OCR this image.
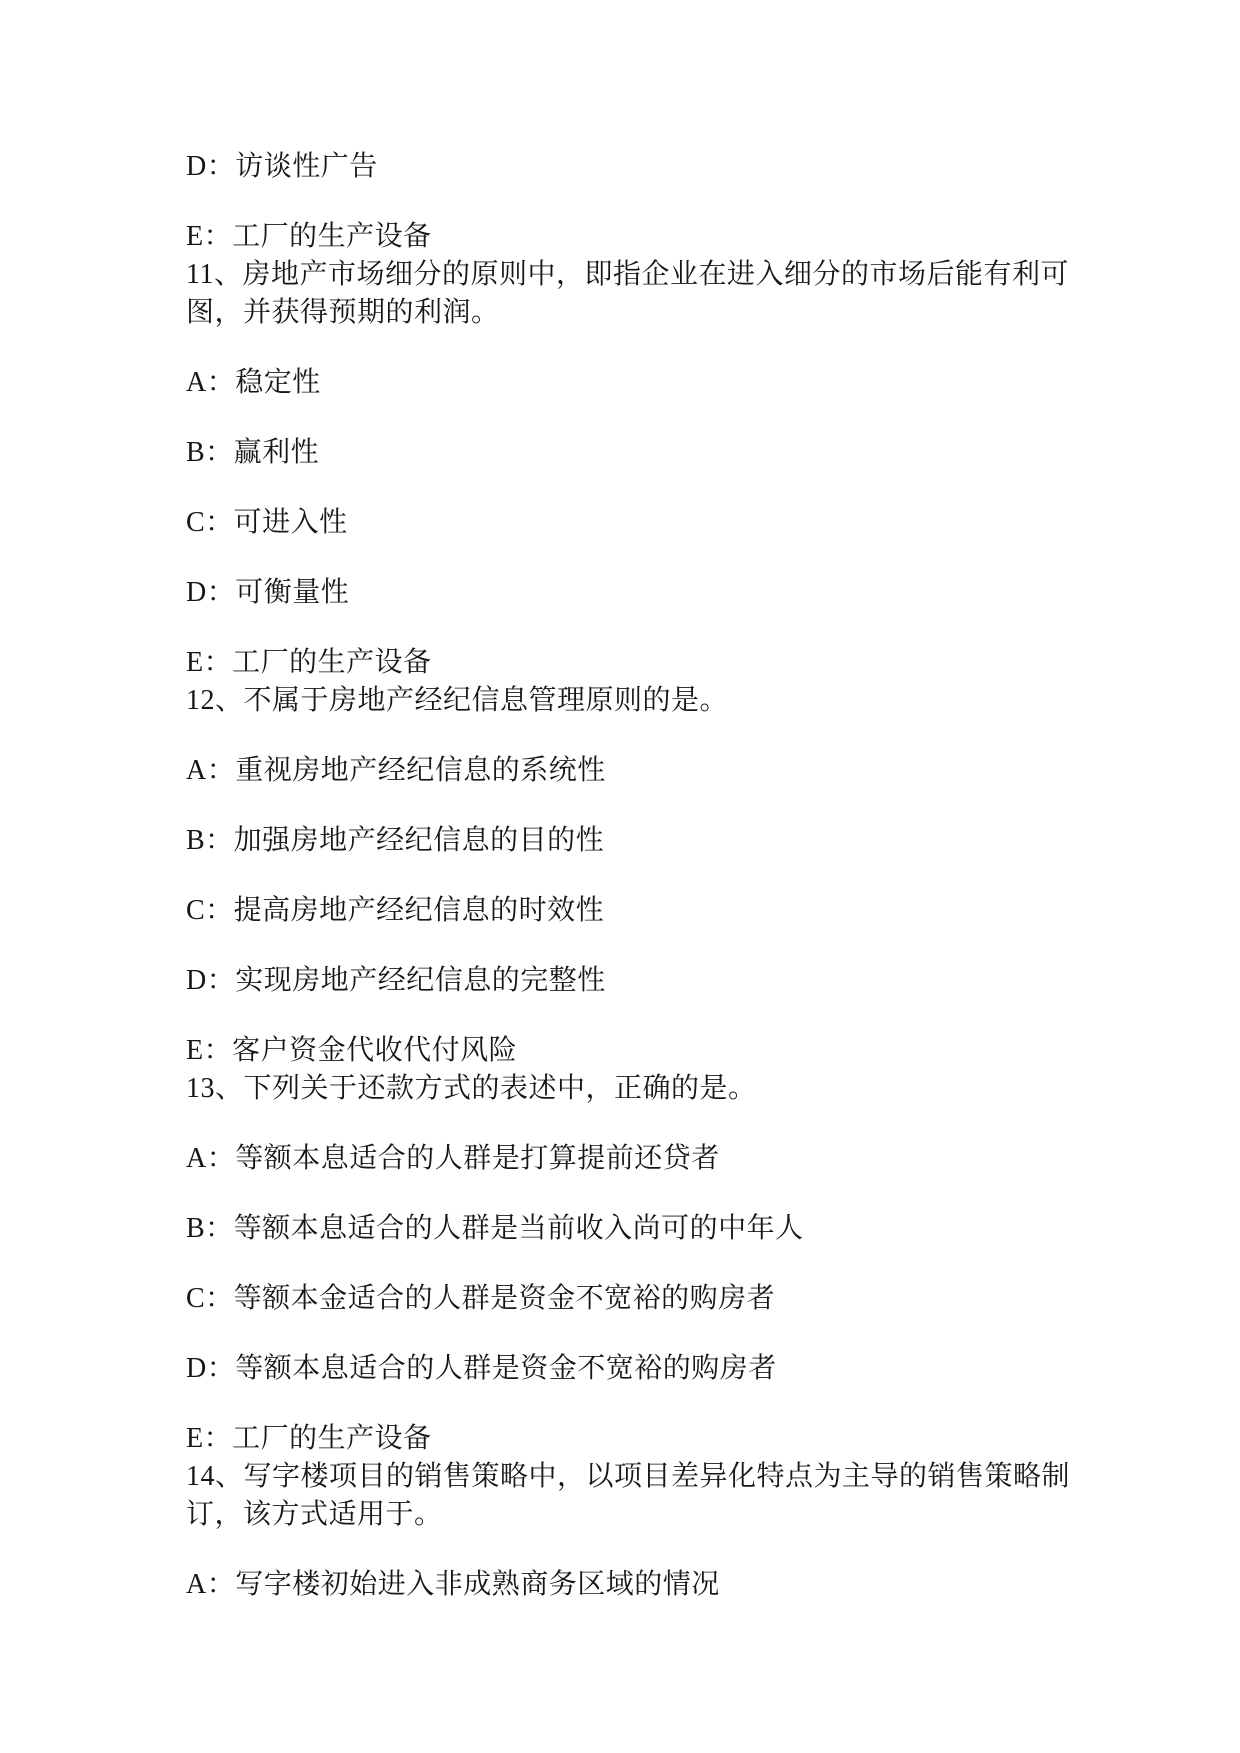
D：访谈性广告
E：工厂的生产设备
11、房地产市场细分的原则中，即指企业在进入细分的市场后能有利可
图，并获得预期的利润。
A：稳定性
B：赢利性
C：可进入性
D：可衡量性
E：工厂的生产设备
12、不属于房地产经纪信息管理原则的是。
A：重视房地产经纪信息的系统性
B：加强房地产经纪信息的目的性
C：提高房地产经纪信息的时效性
D：实现房地产经纪信息的完整性
E：客户资金代收代付风险
13、下列关于还款方式的表述中，正确的是。
A：等额本息适合的人群是打算提前还贷者
B：等额本息适合的人群是当前收入尚可的中年人
C：等额本金适合的人群是资金不宽裕的购房者
D：等额本息适合的人群是资金不宽裕的购房者
E：工厂的生产设备
14、写字楼项目的销售策略中，以项目差异化特点为主导的销售策略制
订，该方式适用于。
A：写字楼初始进入非成熟商务区域的情况
